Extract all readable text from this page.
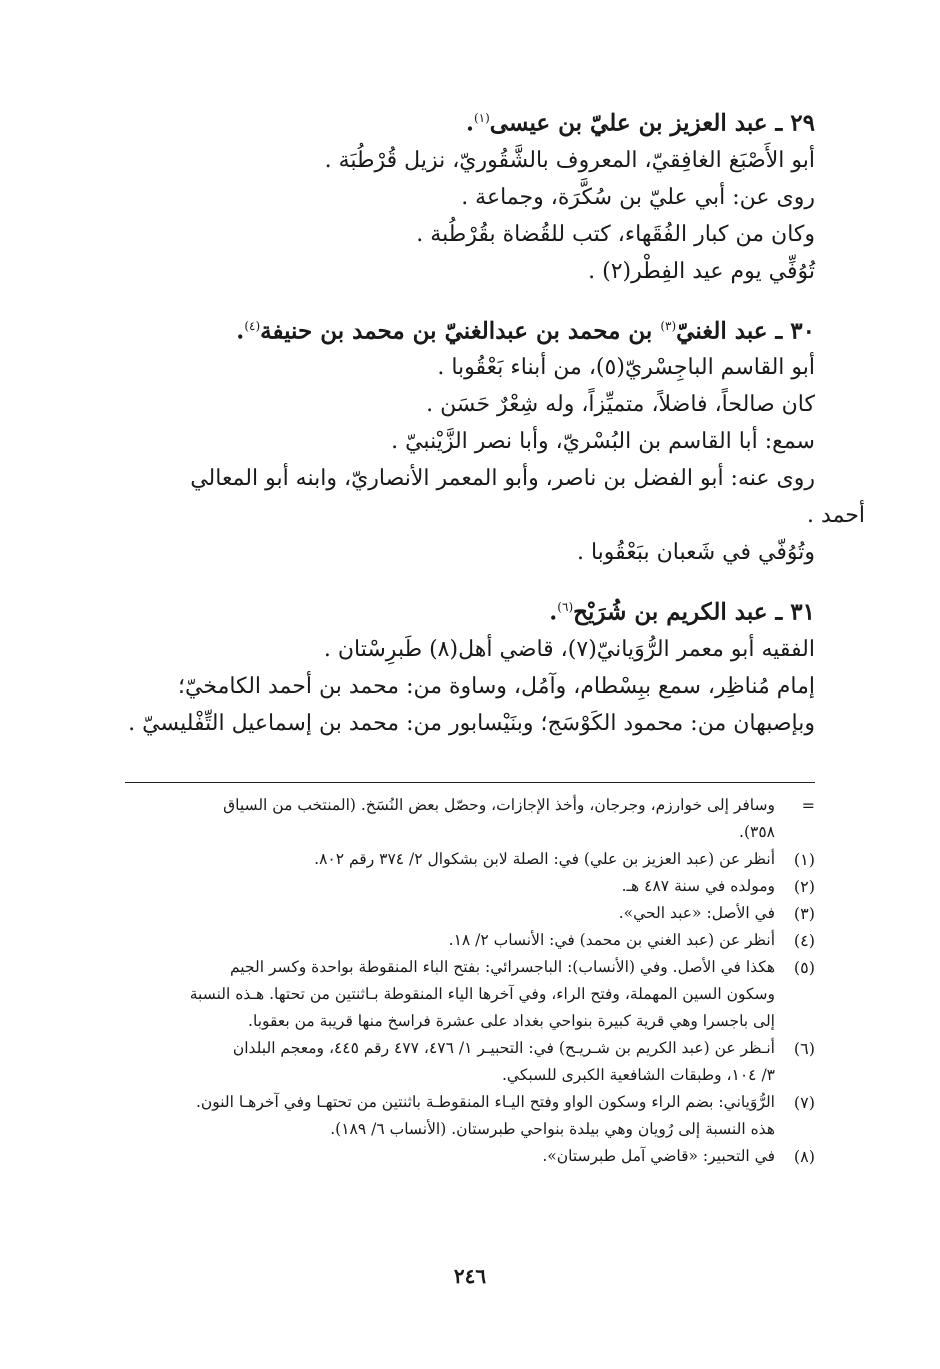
٢٩ ـ عبد العزيز بن عليّ بن عيسى$^{(١)}$.
أبو الأَصْبَغ الغافِقيّ، المعروف بالشَّقُوريّ، نزيل قُرْطُبَة .
روى عن: أبي عليّ بن سُكَّرَة، وجماعة .
وكان من كبار الفُقَهاء، كتب للقُضاة بقُرْطُبة .
تُوُفِّي يوم عيد الفِطْر(٢) .
٣٠ ـ عبد الغنيّ$^{(٣)}$ بن محمد بن عبدالغنيّ بن محمد بن حنيفة$^{(٤)}$.
أبو القاسم الباجِسْريّ(٥)، من أبناء بَعْقُوبا .
كان صالحاً، فاضلاً، متميِّزاً، وله شِعْرٌ حَسَن .
سمع: أبا القاسم بن البُسْريّ، وأبا نصر الزَّيْنبيّ .
روى عنه: أبو الفضل بن ناصر، وأبو المعمر الأنصاريّ، وابنه أبو المعالي
أحمد .
وتُوُفّي في شَعبان ببَعْقُوبا .
٣١ ـ عبد الكريم بن شُرَيْح$^{(٦)}$.
الفقيه أبو معمر الرُّوَيانيّ(٧)، قاضي أهل(٨) طَبرِسْتان .
إمام مُناظِر، سمع ببِسْطام، وآمُل، وساوة من: محمد بن أحمد الكامخيّ؛
وبإصبهان من: محمود الكَوْسَج؛ وبنَيْسابور من: محمد بن إسماعيل التِّفْليسيّ .
=
وسافر إلى خوارزم، وجرجان، وأخذ الإجازات، وحصّل بعض النُسَخ. (المنتخب من السياق
٣٥٨).
(١)
أنظر عن (عبد العزيز بن علي) في: الصلة لابن بشكوال ٢/ ٣٧٤ رقم ٨٠٢.
(٢)
ومولده في سنة ٤٨٧ هـ.
(٣)
في الأصل: «عبد الحي».
(٤)
أنظر عن (عبد الغني بن محمد) في: الأنساب ٢/ ١٨.
(٥)
هكذا في الأصل. وفي (الأنساب): الباجسرائي: بفتح الباء المنقوطة بواحدة وكسر الجيم
وسكون السين المهملة، وفتح الراء، وفي آخرها الياء المنقوطة بـاثنتين من تحتها. هـذه النسبة
إلى باجسرا وهي قرية كبيرة بنواحي بغداد على عشرة فراسخ منها قريبة من بعقوبا.
(٦)
أنـظر عن (عبد الكريم بن شـريـح) في: التحبيـر ١/ ٤٧٦، ٤٧٧ رقم ٤٤٥، ومعجم البلدان
٣/ ١٠٤، وطبقات الشافعية الكبرى للسبكي.
(٧)
الرُّوَياني: بضم الراء وسكون الواو وفتح اليـاء المنقوطـة باثنتين من تحتهـا وفي آخرهـا النون.
هذه النسبة إلى رُويان وهي بيلدة بنواحي طبرستان. (الأنساب ٦/ ١٨٩).
(٨)
في التحبير: «قاضي آمل طبرستان».
٢٤٦
